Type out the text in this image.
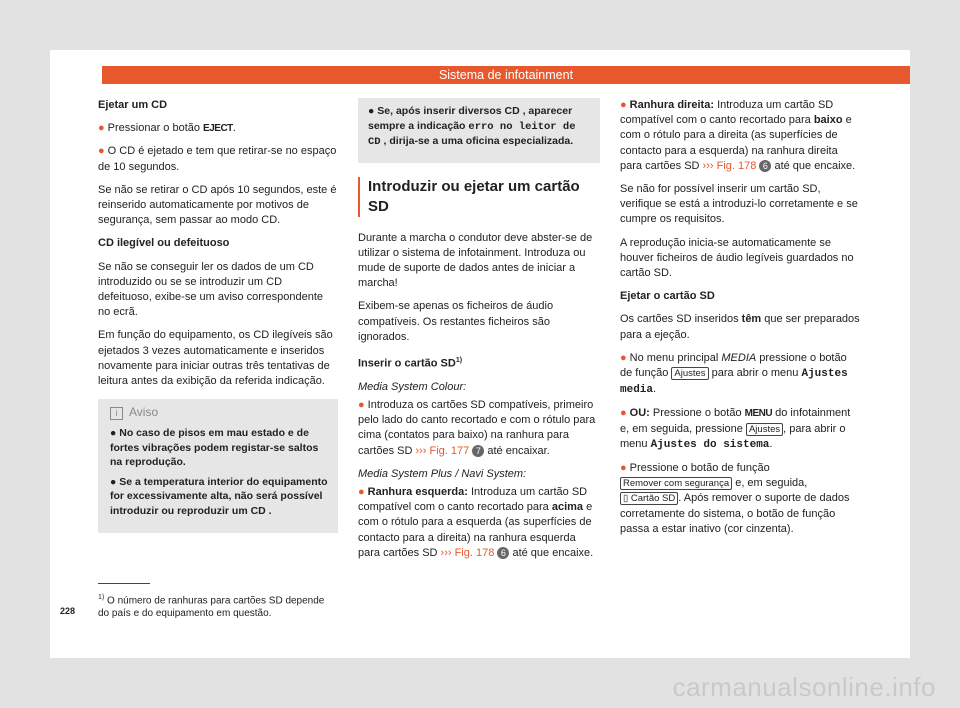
Sistema de infotainment

Ejetar um CD

● Pressionar o botão EJECT.

● O CD é ejetado e tem que retirar-se no espaço de 10 segundos.

Se não se retirar o CD após 10 segundos, este é reinserido automaticamente por motivos de segurança, sem passar ao modo CD.

CD ilegível ou defeituoso

Se não se conseguir ler os dados de um CD introduzido ou se se introduzir um CD defeituoso, exibe-se um aviso correspondente no ecrã.

Em função do equipamento, os CD ilegíveis são ejetados 3 vezes automaticamente e inseridos novamente para iniciar outras três tentativas de leitura antes da exibição da referida indicação.

i Aviso

● No caso de pisos em mau estado e de fortes vibrações podem registar-se saltos na reprodução.

● Se a temperatura interior do equipamento for excessivamente alta, não será possível introduzir ou reproduzir um CD .

● Se, após inserir diversos CD , aparecer sempre a indicação erro no leitor de CD , dirija-se a uma oficina especializada.

Introduzir ou ejetar um cartão SD

Durante a marcha o condutor deve abster-se de utilizar o sistema de infotainment. Introduza ou mude de suporte de dados antes de iniciar a marcha!

Exibem-se apenas os ficheiros de áudio compatíveis. Os restantes ficheiros são ignorados.

Inserir o cartão SD$^{1)}$

Media System Colour:

● Introduza os cartões SD compatíveis, primeiro pelo lado do canto recortado e com o rótulo para cima (contatos para baixo) na ranhura para cartões SD ››› Fig. 177 7 até encaixar.

Media System Plus / Navi System:

● Ranhura esquerda: Introduza um cartão SD compatível com o canto recortado para acima e com o rótulo para a esquerda (as superfícies de contacto para a direita) na ranhura esquerda para cartões SD ››› Fig. 178 6 até que encaixe.

● Ranhura direita: Introduza um cartão SD compatível com o canto recortado para baixo e com o rótulo para a direita (as superfícies de contacto para a esquerda) na ranhura direita para cartões SD ››› Fig. 178 6 até que encaixe.

Se não for possível inserir um cartão SD, verifique se está a introduzi-lo corretamente e se cumpre os requisitos.

A reprodução inicia-se automaticamente se houver ficheiros de áudio legíveis guardados no cartão SD.

Ejetar o cartão SD

Os cartões SD inseridos têm que ser preparados para a ejeção.

● No menu principal MEDIA pressione o botão de função Ajustes para abrir o menu Ajustes media.

● OU: Pressione o botão MENU do infotainment e, em seguida, pressione Ajustes , para abrir o menu Ajustes do sistema.

● Pressione o botão de função Remover com segurança e, em seguida, ▯ Cartão SD . Após remover o suporte de dados corretamente do sistema, o botão de função passa a estar inativo (cor cinzenta).

$^{1)}$ O número de ranhuras para cartões SD depende do país e do equipamento em questão.
228
carmanualsonline.info
